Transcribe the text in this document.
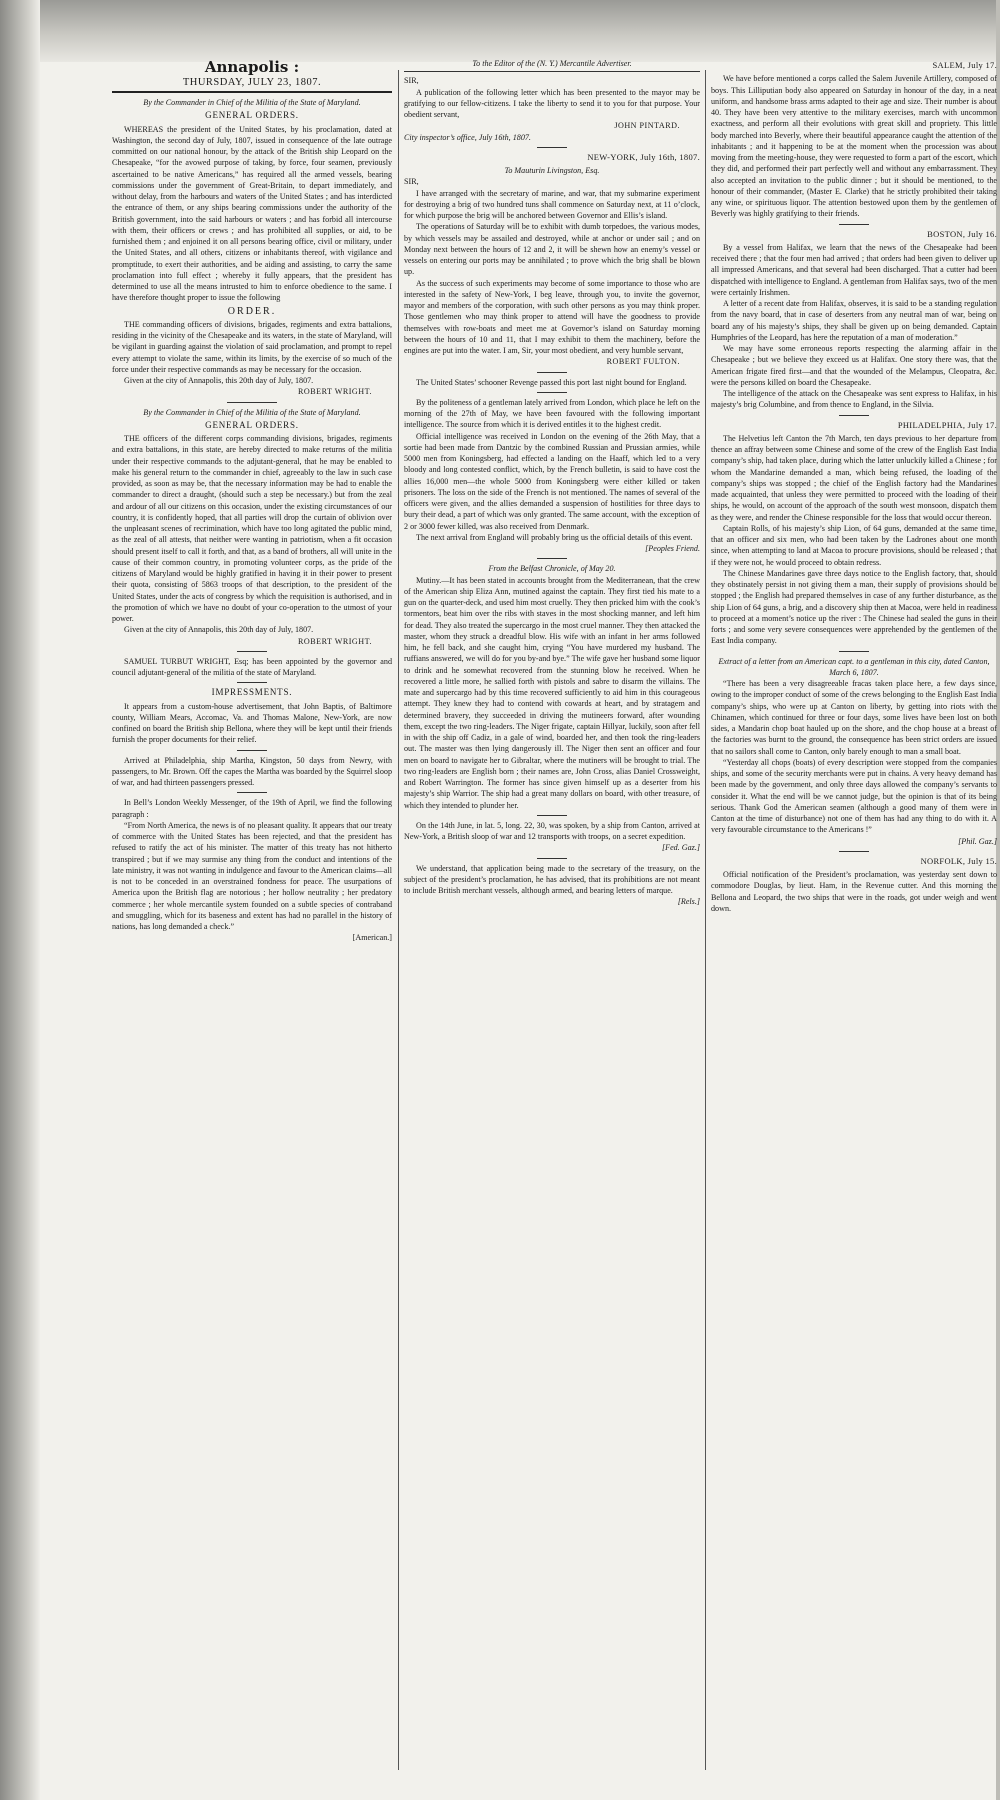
Annapolis :
THURSDAY, JULY 23, 1807.

By the Commander in Chief of the Militia of the State of Maryland.

GENERAL ORDERS.

WHEREAS the president of the United States, by his proclamation, dated at Washington, the second day of July, 1807, issued in consequence of the late outrage committed on our national honour, by the attack of the British ship Leopard on the Chesapeake, “for the avowed purpose of taking, by force, four seamen, previously ascertained to be native Americans,” has required all the armed vessels, bearing commissions under the government of Great-Britain, to depart immediately, and without delay, from the harbours and waters of the United States ; and has interdicted the entrance of them, or any ships bearing commissions under the authority of the British government, into the said harbours or waters ; and has forbid all intercourse with them, their officers or crews ; and has prohibited all supplies, or aid, to be furnished them ; and enjoined it on all persons bearing office, civil or military, under the United States, and all others, citizens or inhabitants thereof, with vigilance and promptitude, to exert their authorities, and be aiding and assisting, to carry the same proclamation into full effect ; whereby it fully appears, that the president has determined to use all the means intrusted to him to enforce obedience to the same. I have therefore thought proper to issue the following

ORDER.

THE commanding officers of divisions, brigades, regiments and extra battalions, residing in the vicinity of the Chesapeake and its waters, in the state of Maryland, will be vigilant in guarding against the violation of said proclamation, and prompt to repel every attempt to violate the same, within its limits, by the exercise of so much of the force under their respective commands as may be necessary for the occasion.

Given at the city of Annapolis, this 20th day of July, 1807.

ROBERT WRIGHT.

By the Commander in Chief of the Militia of the State of Maryland.

GENERAL ORDERS.

THE officers of the different corps commanding divisions, brigades, regiments and extra battalions, in this state, are hereby directed to make returns of the militia under their respective commands to the adjutant-general, that he may be enabled to make his general return to the commander in chief, agreeably to the law in such case provided, as soon as may be, that the necessary information may be had to enable the commander to direct a draught, (should such a step be necessary.) but from the zeal and ardour of all our citizens on this occasion, under the existing circumstances of our country, it is confidently hoped, that all parties will drop the curtain of oblivion over the unpleasant scenes of recrimination, which have too long agitated the public mind, as the zeal of all attests, that neither were wanting in patriotism, when a fit occasion should present itself to call it forth, and that, as a band of brothers, all will unite in the cause of their common country, in promoting volunteer corps, as the pride of the citizens of Maryland would be highly gratified in having it in their power to present their quota, consisting of 5863 troops of that description, to the president of the United States, under the acts of congress by which the requisition is authorised, and in the promotion of which we have no doubt of your co-operation to the utmost of your power.

Given at the city of Annapolis, this 20th day of July, 1807.

ROBERT WRIGHT.

SAMUEL TURBUT WRIGHT, Esq; has been appointed by the governor and council adjutant-general of the militia of the state of Maryland.

IMPRESSMENTS.

It appears from a custom-house advertisement, that John Baptis, of Baltimore county, William Mears, Accomac, Va. and Thomas Malone, New-York, are now confined on board the British ship Bellona, where they will be kept until their friends furnish the proper documents for their relief.

Arrived at Philadelphia, ship Martha, Kingston, 50 days from Newry, with passengers, to Mr. Brown. Off the capes the Martha was boarded by the Squirrel sloop of war, and had thirteen passengers pressed.

In Bell’s London Weekly Messenger, of the 19th of April, we find the following paragraph :

“From North America, the news is of no pleasant quality. It appears that our treaty of commerce with the United States has been rejected, and that the president has refused to ratify the act of his minister. The matter of this treaty has not hitherto transpired ; but if we may surmise any thing from the conduct and intentions of the late ministry, it was not wanting in indulgence and favour to the American claims—all is not to be conceded in an overstrained fondness for peace. The usurpations of America upon the British flag are notorious ; her hollow neutrality ; her predatory commerce ; her whole mercantile system founded on a subtle species of contraband and smuggling, which for its baseness and extent has had no parallel in the history of nations, has long demanded a check.”

[American.]

To the Editor of the (N. Y.) Mercantile Advertiser.

SIR,

A publication of the following letter which has been presented to the mayor may be gratifying to our fellow-citizens. I take the liberty to send it to you for that purpose. Your obedient servant,

JOHN PINTARD.

City inspector’s office, July 16th, 1807.

NEW-YORK, July 16th, 1807.

To Mauturin Livingston, Esq.

SIR,

I have arranged with the secretary of marine, and war, that my submarine experiment for destroying a brig of two hundred tuns shall commence on Saturday next, at 11 o’clock, for which purpose the brig will be anchored between Governor and Ellis’s island.

The operations of Saturday will be to exhibit with dumb torpedoes, the various modes, by which vessels may be assailed and destroyed, while at anchor or under sail ; and on Monday next between the hours of 12 and 2, it will be shewn how an enemy’s vessel or vessels on entering our ports may be annihilated ; to prove which the brig shall be blown up.

As the success of such experiments may become of some importance to those who are interested in the safety of New-York, I beg leave, through you, to invite the governor, mayor and members of the corporation, with such other persons as you may think proper. Those gentlemen who may think proper to attend will have the goodness to provide themselves with row-boats and meet me at Governor’s island on Saturday morning between the hours of 10 and 11, that I may exhibit to them the machinery, before the engines are put into the water. I am, Sir, your most obedient, and very humble servant,

ROBERT FULTON.

The United States’ schooner Revenge passed this port last night bound for England.

By the politeness of a gentleman lately arrived from London, which place he left on the morning of the 27th of May, we have been favoured with the following important intelligence. The source from which it is derived entitles it to the highest credit.

Official intelligence was received in London on the evening of the 26th May, that a sortie had been made from Dantzic by the combined Russian and Prussian armies, while 5000 men from Koningsberg, had effected a landing on the Haaff, which led to a very bloody and long contested conflict, which, by the French bulletin, is said to have cost the allies 16,000 men—the whole 5000 from Koningsberg were either killed or taken prisoners. The loss on the side of the French is not mentioned. The names of several of the officers were given, and the allies demanded a suspension of hostilities for three days to bury their dead, a part of which was only granted. The same account, with the exception of 2 or 3000 fewer killed, was also received from Denmark.

The next arrival from England will probably bring us the official details of this event.

[Peoples Friend.

From the Belfast Chronicle, of May 20.

Mutiny.—It has been stated in accounts brought from the Mediterranean, that the crew of the American ship Eliza Ann, mutined against the captain. They first tied his mate to a gun on the quarter-deck, and used him most cruelly. They then pricked him with the cook’s tormentors, beat him over the ribs with staves in the most shocking manner, and left him for dead. They also treated the supercargo in the most cruel manner. They then attacked the master, whom they struck a dreadful blow. His wife with an infant in her arms followed him, he fell back, and she caught him, crying “You have murdered my husband. The ruffians answered, we will do for you by-and bye.” The wife gave her husband some liquor to drink and he somewhat recovered from the stunning blow he received. When he recovered a little more, he sallied forth with pistols and sabre to disarm the villains. The mate and supercargo had by this time recovered sufficiently to aid him in this courageous attempt. They knew they had to contend with cowards at heart, and by stratagem and determined bravery, they succeeded in driving the mutineers forward, after wounding them, except the two ring-leaders. The Niger frigate, captain Hillyar, luckily, soon after fell in with the ship off Cadiz, in a gale of wind, boarded her, and then took the ring-leaders out. The master was then lying dangerously ill. The Niger then sent an officer and four men on board to navigate her to Gibraltar, where the mutiners will be brought to trial. The two ring-leaders are English born ; their names are, John Cross, alias Daniel Crossweight, and Robert Warrington. The former has since given himself up as a deserter from his majesty’s ship Warrior. The ship had a great many dollars on board, with other treasure, of which they intended to plunder her.

On the 14th June, in lat. 5, long. 22, 30, was spoken, by a ship from Canton, arrived at New-York, a British sloop of war and 12 transports with troops, on a secret expedition.

[Fed. Gaz.]

We understand, that application being made to the secretary of the treasury, on the subject of the president’s proclamation, he has advised, that its prohibitions are not meant to include British merchant vessels, although armed, and bearing letters of marque.

[Rels.]
SALEM, July 17.

We have before mentioned a corps called the Salem Juvenile Artillery, composed of boys. This Lilliputian body also appeared on Saturday in honour of the day, in a neat uniform, and handsome brass arms adapted to their age and size. Their number is about 40. They have been very attentive to the military exercises, march with uncommon exactness, and perform all their evolutions with great skill and propriety. This little body marched into Beverly, where their beautiful appearance caught the attention of the inhabitants ; and it happening to be at the moment when the procession was about moving from the meeting-house, they were requested to form a part of the escort, which they did, and performed their part perfectly well and without any embarrassment. They also accepted an invitation to the public dinner ; but it should be mentioned, to the honour of their commander, (Master E. Clarke) that he strictly prohibited their taking any wine, or spirituous liquor. The attention bestowed upon them by the gentlemen of Beverly was highly gratifying to their friends.

BOSTON, July 16.

By a vessel from Halifax, we learn that the news of the Chesapeake had been received there ; that the four men had arrived ; that orders had been given to deliver up all impressed Americans, and that several had been discharged. That a cutter had been dispatched with intelligence to England. A gentleman from Halifax says, two of the men were certainly Irishmen.

A letter of a recent date from Halifax, observes, it is said to be a standing regulation from the navy board, that in case of deserters from any neutral man of war, being on board any of his majesty’s ships, they shall be given up on being demanded. Captain Humphries of the Leopard, has here the reputation of a man of moderation.”

We may have some erroneous reports respecting the alarming affair in the Chesapeake ; but we believe they exceed us at Halifax. One story there was, that the American frigate fired first—and that the wounded of the Melampus, Cleopatra, &c. were the persons killed on board the Chesapeake.

The intelligence of the attack on the Chesapeake was sent express to Halifax, in his majesty’s brig Columbine, and from thence to England, in the Silvia.

PHILADELPHIA, July 17.

The Helvetius left Canton the 7th March, ten days previous to her departure from thence an affray between some Chinese and some of the crew of the English East India company’s ship, had taken place, during which the latter unluckily killed a Chinese ; for whom the Mandarine demanded a man, which being refused, the loading of the company’s ships was stopped ; the chief of the English factory had the Mandarines made acquainted, that unless they were permitted to proceed with the loading of their ships, he would, on account of the approach of the south west monsoon, dispatch them as they were, and render the Chinese responsible for the loss that would occur thereon.

Captain Rolls, of his majesty’s ship Lion, of 64 guns, demanded at the same time, that an officer and six men, who had been taken by the Ladrones about one month since, when attempting to land at Macoa to procure provisions, should be released ; that if they were not, he would proceed to obtain redress.

The Chinese Mandarines gave three days notice to the English factory, that, should they obstinately persist in not giving them a man, their supply of provisions should be stopped ; the English had prepared themselves in case of any further disturbance, as the ship Lion of 64 guns, a brig, and a discovery ship then at Macoa, were held in readiness to proceed at a moment’s notice up the river : The Chinese had sealed the guns in their forts ; and some very severe consequences were apprehended by the gentlemen of the East India company.

Extract of a letter from an American capt. to a gentleman in this city, dated Canton, March 6, 1807.

“There has been a very disagreeable fracas taken place here, a few days since, owing to the improper conduct of some of the crews belonging to the English East India company’s ships, who were up at Canton on liberty, by getting into riots with the Chinamen, which continued for three or four days, some lives have been lost on both sides, a Mandarin chop boat hauled up on the shore, and the chop house at a breast of the factories was burnt to the ground, the consequence has been strict orders are issued that no sailors shall come to Canton, only barely enough to man a small boat.

“Yesterday all chops (boats) of every description were stopped from the companies ships, and some of the security merchants were put in chains. A very heavy demand has been made by the government, and only three days allowed the company’s servants to consider it. What the end will be we cannot judge, but the opinion is that of its being serious. Thank God the American seamen (although a good many of them were in Canton at the time of disturbance) not one of them has had any thing to do with it. A very favourable circumstance to the Americans !”

[Phil. Gaz.]
NORFOLK, July 15.

Official notification of the President’s proclamation, was yesterday sent down to commodore Douglas, by lieut. Ham, in the Revenue cutter. And this morning the Bellona and Leopard, the two ships that were in the roads, got under weigh and went down.
